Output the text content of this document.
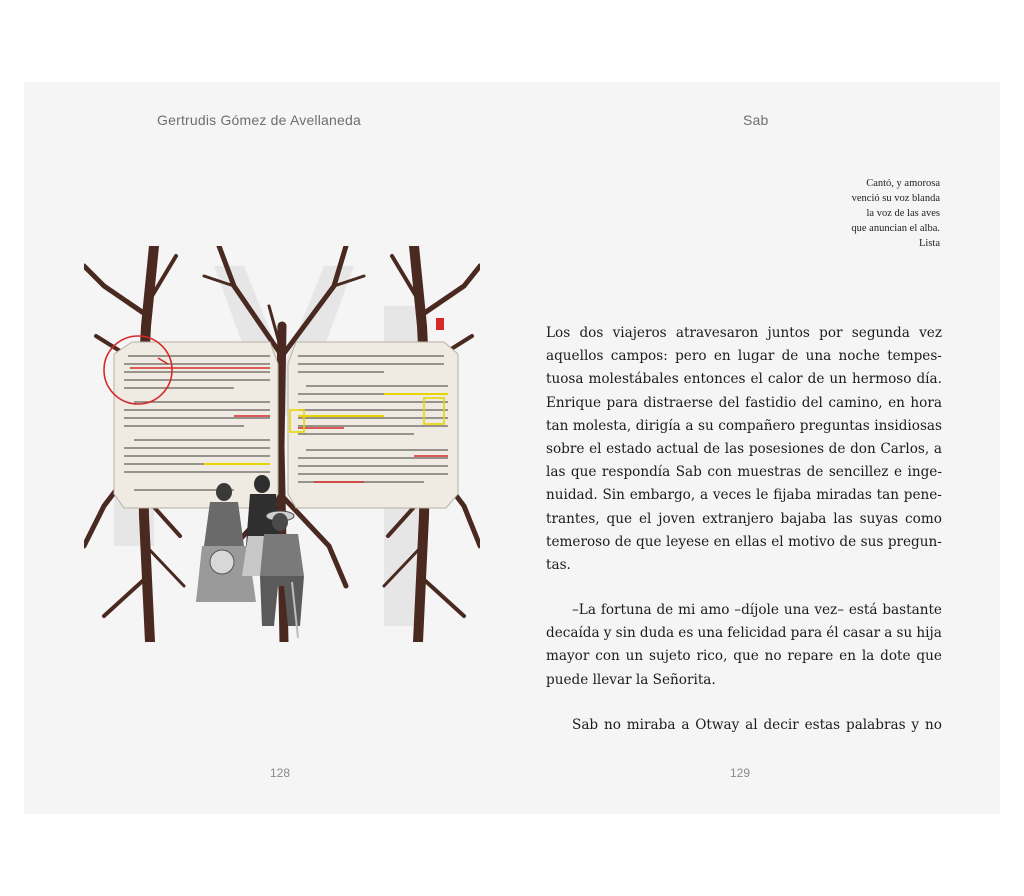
Gertrudis Gómez de Avellaneda	Sab
Cantó, y amorosa
venció su voz blanda
la voz de las aves
que anuncian el alba.
Lista
Los dos viajeros atravesaron juntos por segunda vez
aquellos campos: pero en lugar de una noche tempes-
tuosa molestábales entonces el calor de un hermoso día.
Enrique para distraerse del fastidio del camino, en hora
tan molesta, dirigía a su compañero preguntas insidiosas
sobre el estado actual de las posesiones de don Carlos, a
las que respondía Sab con muestras de sencillez e inge-
nuidad. Sin embargo, a veces le fijaba miradas tan pene-
trantes, que el joven extranjero bajaba las suyas como
temeroso de que leyese en ellas el motivo de sus pregun-
tas.
–La fortuna de mi amo –díjole una vez– está bastante
decaída y sin duda es una felicidad para él casar a su hija
mayor con un sujeto rico, que no repare en la dote que
puede llevar la Señorita.
Sab no miraba a Otway al decir estas palabras y no
128	129
